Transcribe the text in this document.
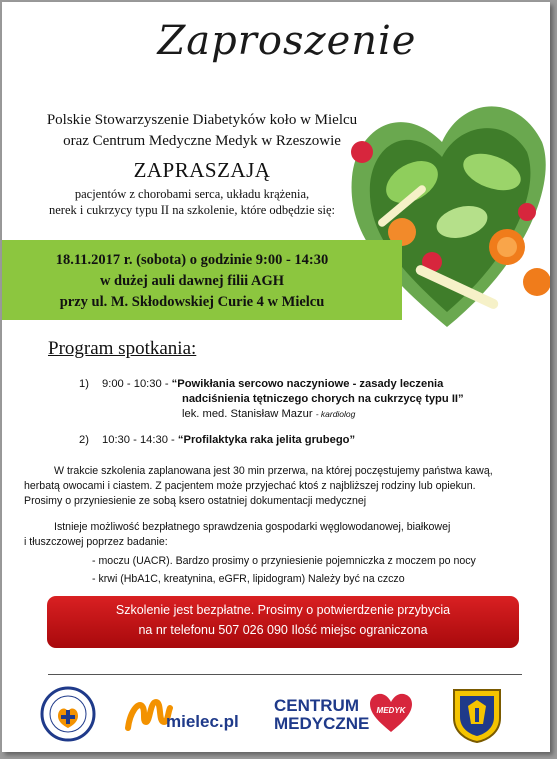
Zaproszenie
Polskie Stowarzyszenie Diabetyków koło w Mielcu
oraz Centrum Medyczne Medyk w Rzeszowie
ZAPRASZAJĄ
pacjentów z chorobami serca, układu krążenia,
nerek i cukrzycy typu II na szkolenie, które odbędzie się:
18.11.2017 r. (sobota) o godzinie 9:00 - 14:30
w dużej auli dawnej filii AGH
przy ul. M. Skłodowskiej Curie 4 w Mielcu
Program spotkania:
1) 9:00 - 10:30 - “Powikłania sercowo naczyniowe - zasady leczenia
nadciśnienia tętniczego chorych na cukrzycę typu II”
lek. med. Stanisław Mazur - kardiolog
2) 10:30 - 14:30 - “Profilaktyka raka jelita grubego”
W trakcie szkolenia zaplanowana jest 30 min przerwa, na której poczęstujemy państwa kawą,
herbatą owocami i ciastem. Z pacjentem może przyjechać ktoś z najbliższej rodziny lub opiekun.
Prosimy o przyniesienie ze sobą ksero ostatniej dokumentacji medycznej
Istnieje możliwość bezpłatnego sprawdzenia gospodarki węglowodanowej, białkowej
i tłuszczowej poprzez badanie:
- moczu (UACR). Bardzo prosimy o przyniesienie pojemniczka z moczem po nocy
- krwi (HbA1C, kreatynina, eGFR, lipidogram) Należy być na czczo
Szkolenie jest bezpłatne. Prosimy o potwierdzenie przybycia
na nr telefonu 507 026 090 Ilość miejsc ograniczona
mielec.pl
CENTRUM
MEDYCZNE
MEDYK
